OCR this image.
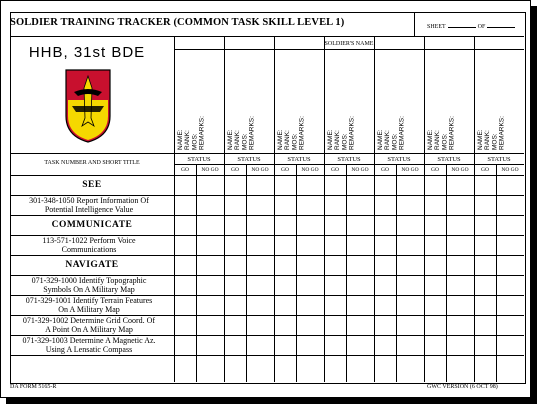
SOLDIER TRAINING TRACKER (COMMON TASK SKILL LEVEL 1)	SHEET	OF
HHB, 31st BDE	SOLDIER'S NAME
NAME:
RANK:
MOS:
REMARKS:
STATUS
GO	NO GO
NAME:
RANK:
MOS:
REMARKS:
STATUS
GO	NO GO
NAME:
RANK:
MOS:
REMARKS:
STATUS
GO	NO GO
NAME:
RANK:
MOS:
REMARKS:
STATUS
GO	NO GO
NAME:
RANK:
MOS:
REMARKS:
STATUS
GO	NO GO
NAME:
RANK:
MOS:
REMARKS:
STATUS
GO	NO GO
NAME:
RANK:
MOS:
REMARKS:
STATUS
GO	NO GO
TASK NUMBER AND SHORT TITLE
SEE
301-348-1050 Report Information Of
Potential Intelligence Value
COMMUNICATE
113-571-1022 Perform Voice
Communications
NAVIGATE
071-329-1000 Identify Topographic
Symbols On A Military Map
071-329-1001 Identify Terrain Features
On A Military Map
071-329-1002 Determine Grid Coord. Of
A Point On A Military Map
071-329-1003 Determine A Magnetic Az.
Using A Lensatic Compass
DA FORM 5165-R	GWC VERSION (6 OCT 98)
